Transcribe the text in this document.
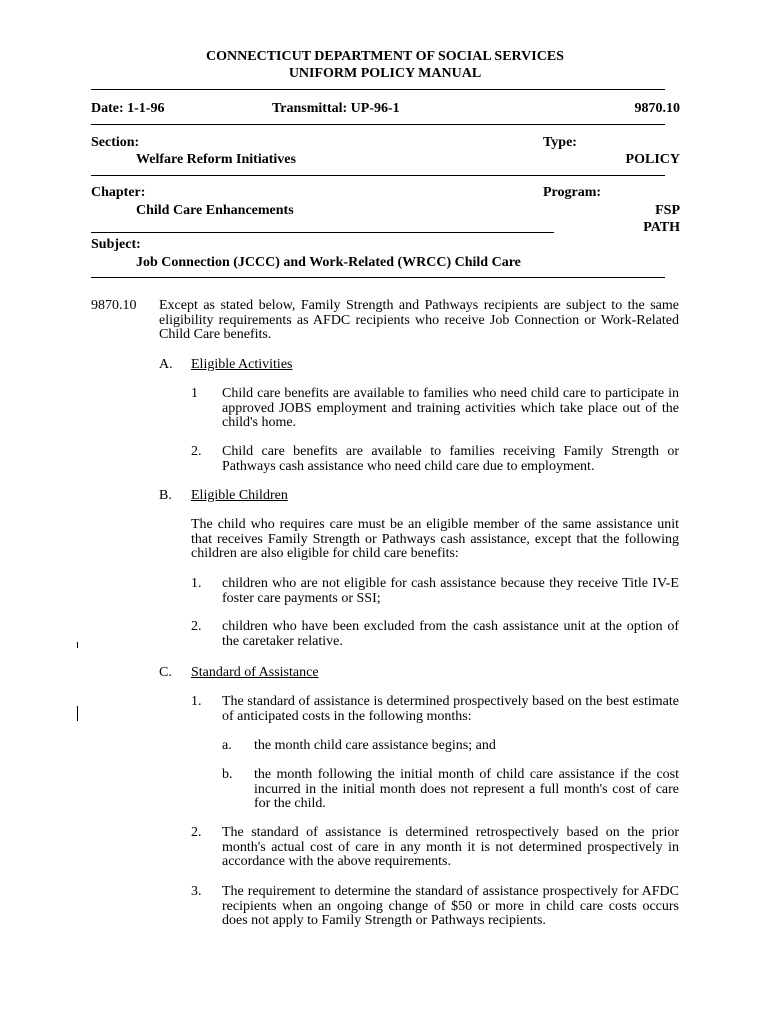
CONNECTICUT DEPARTMENT OF SOCIAL SERVICES
UNIFORM POLICY MANUAL
Date: 1-1-96	Transmittal: UP-96-1	9870.10
Section:
Welfare Reform Initiatives
Type:
POLICY
Chapter:
Child Care Enhancements
Program:
FSP
PATH
Subject:
Job Connection (JCCC) and Work-Related (WRCC) Child Care
9870.10 Except as stated below, Family Strength and Pathways recipients are subject to the same eligibility requirements as AFDC recipients who receive Job Connection or Work-Related Child Care benefits.
A. Eligible Activities
1 Child care benefits are available to families who need child care to participate in approved JOBS employment and training activities which take place out of the child's home.
2. Child care benefits are available to families receiving Family Strength or Pathways cash assistance who need child care due to employment.
B. Eligible Children
The child who requires care must be an eligible member of the same assistance unit that receives Family Strength or Pathways cash assistance, except that the following children are also eligible for child care benefits:
1. children who are not eligible for cash assistance because they receive Title IV-E foster care payments or SSI;
2. children who have been excluded from the cash assistance unit at the option of the caretaker relative.
C. Standard of Assistance
1. The standard of assistance is determined prospectively based on the best estimate of anticipated costs in the following months:
a. the month child care assistance begins; and
b. the month following the initial month of child care assistance if the cost incurred in the initial month does not represent a full month's cost of care for the child.
2. The standard of assistance is determined retrospectively based on the prior month's actual cost of care in any month it is not determined prospectively in accordance with the above requirements.
3. The requirement to determine the standard of assistance prospectively for AFDC recipients when an ongoing change of $50 or more in child care costs occurs does not apply to Family Strength or Pathways recipients.
